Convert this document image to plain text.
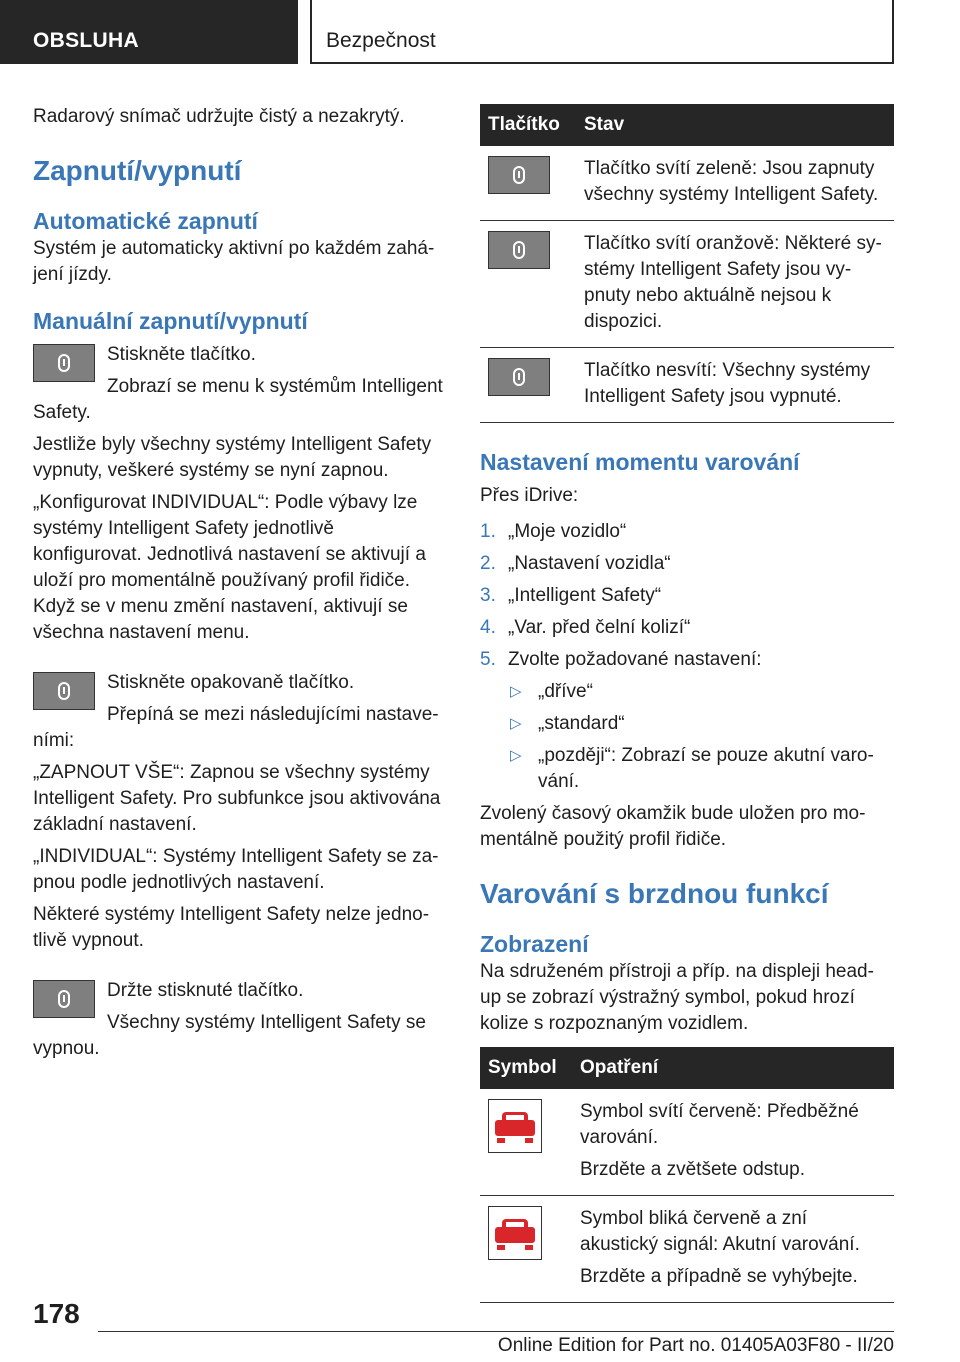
OBSLUHA	Bezpečnost

Radarový snímač udržujte čistý a nezakrytý.

Zapnutí/vypnutí
Automatické zapnutí

Systém je automaticky aktivní po každém zahájení jízdy.

Manuální zapnutí/vypnutí

Stiskněte tlačítko.

Zobrazí se menu k systémům Intelligent Safety.

Jestliže byly všechny systémy Intelligent Safety vypnuty, veškeré systémy se nyní zapnou.

„Konfigurovat INDIVIDUAL“: Podle výbavy lze systémy Intelligent Safety jednotlivě konfigurovat. Jednotlivá nastavení se aktivují a uloží pro momentálně používaný profil řidiče. Když se v menu změní nastavení, aktivují se všechna nastavení menu.

Stiskněte opakovaně tlačítko.

Přepíná se mezi následujícími nastaveními:

„ZAPNOUT VŠE“: Zapnou se všechny systémy Intelligent Safety. Pro subfunkce jsou aktivována základní nastavení.

„INDIVIDUAL“: Systémy Intelligent Safety se zapnou podle jednotlivých nastavení.

Některé systémy Intelligent Safety nelze jednotlivě vypnout.

Držte stisknuté tlačítko.

Všechny systémy Intelligent Safety se vypnou.

Tlačítko	Stav
	Tlačítko svítí zeleně: Jsou zapnuty všechny systémy Intelligent Safety.
	Tlačítko svítí oranžově: Některé systémy Intelligent Safety jsou vypnuty nebo aktuálně nejsou k dispozici.
	Tlačítko nesvítí: Všechny systémy Intelligent Safety jsou vypnuté.
Nastavení momentu varování

Přes iDrive:

1. „Moje vozidlo“
2. „Nastavení vozidla“
3. „Intelligent Safety“
4. „Var. před čelní kolizí“
5. Zvolte požadované nastavení:
▷ „dříve“
▷ „standard“
▷ „později“: Zobrazí se pouze akutní varování.

Zvolený časový okamžik bude uložen pro momentálně použitý profil řidiče.

Varování s brzdnou funkcí
Zobrazení

Na sdruženém přístroji a příp. na displeji head-up se zobrazí výstražný symbol, pokud hrozí kolize s rozpoznaným vozidlem.

Symbol	Opatření

	Symbol svítí červeně: Předběžné varování.

Brzděte a zvětšete odstup.

	Symbol bliká červeně a zní akustický signál: Akutní varování.

Brzděte a případně se vyhýbejte.

178
Online Edition for Part no. 01405A03F80 - II/20
